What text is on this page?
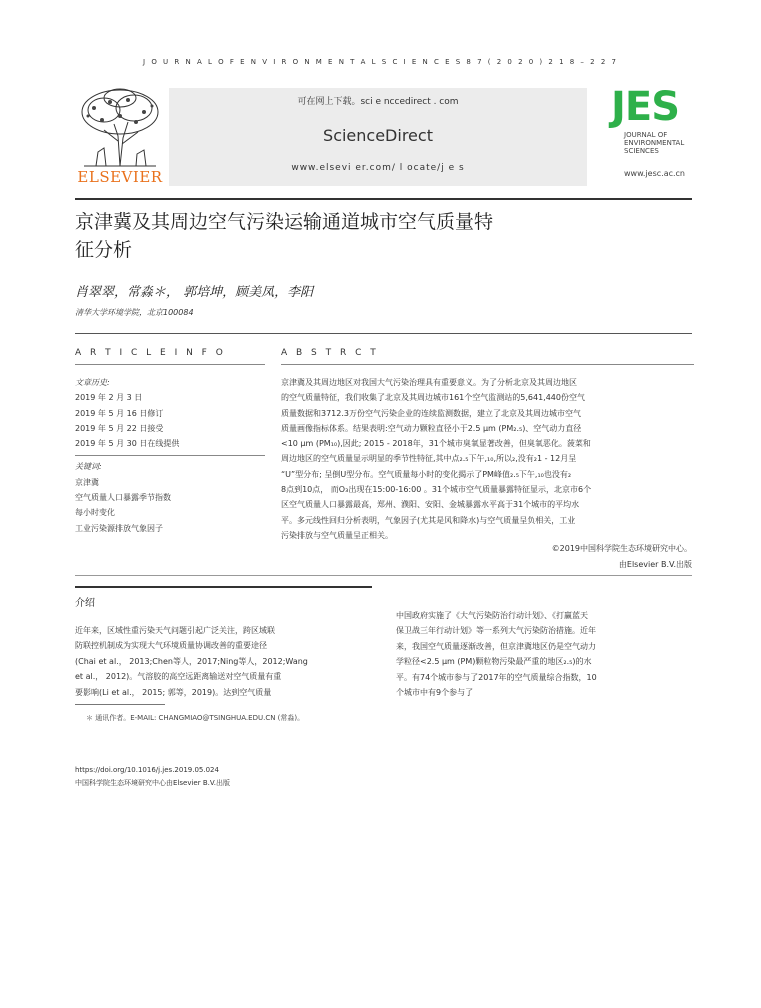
J O U R N A L O F E N V I R O N M E N T A L S C I E N C E S 8 7 ( 2 0 2 0 ) 2 1 8 – 2 2 7
ELSEVIER
可在网上下载。sci e nccedirect . com
ScienceDirect
www.elsevi er.com/ l ocate/j e s
JES
JOURNAL OF
ENVIRONMENTAL
SCIENCES
www.jesc.ac.cn
京津冀及其周边空气污染运输通道城市空气质量特
征分析
肖翠翠，常淼＊， 郭培坤，顾美凤，李阳
清华大学环境学院，北京100084
A R T I C L E I N F O
文章历史:
2019 年 2 月 3 日
2019 年 5 月 16 日修订
2019 年 5 月 22 日接受
2019 年 5 月 30 日在线提供
关键词:
京津冀
空气质量人口暴露季节指数
每小时变化
工业污染源排放气象因子
A B S T R C T
京津冀及其周边地区对我国大气污染治理具有重要意义。为了分析北京及其周边地区
的空气质量特征，我们收集了北京及其周边城市161个空气监测站的5,641,440份空气
质量数据和3712.3万份空气污染企业的连续监测数据，建立了北京及其周边城市空气
质量画像指标体系。结果表明:空气动力颗粒直径小于2.5 μm (PM₂.₅)、空气动力直径
<10 μm (PM₁₀),因此; 2015 - 2018年，31个城市臭氧显著改善，但臭氧恶化。菠菜和
周边地区的空气质量显示明显的季节性特征,其中点₂.₅下午,₁₀,所以₂,没有₂1 - 12月呈
“U”型分布; 呈倒U型分布。空气质量每小时的变化揭示了PM峰值₂.₅下午,₁₀也没有₂
8点到10点， 而O₃出现在15:00-16:00 。31个城市空气质量暴露特征显示，北京市6个
区空气质量人口暴露最高，郑州、濮阳、安阳、金城暴露水平高于31个城市的平均水
平。多元线性回归分析表明，气象因子(尤其是风和降水)与空气质量呈负相关，工业
污染排放与空气质量呈正相关。
©2019中国科学院生态环境研究中心。
由Elsevier B.V.出版
介绍
近年来，区域性重污染天气问题引起广泛关注，跨区域联
防联控机制成为实现大气环境质量协调改善的重要途径
(Chai et al.， 2013;Chen等人，2017;Ning等人，2012;Wang
et al.， 2012)。气溶胶的高空远距离输送对空气质量有重
要影响(Li et al.， 2015; 郭等，2019)。达到空气质量
中国政府实施了《大气污染防治行动计划》、《打赢蓝天
保卫战三年行动计划》等一系列大气污染防治措施。近年
来，我国空气质量逐渐改善，但京津冀地区仍是空气动力
学粒径<2.5 μm (PM)颗粒物污染最严重的地区₂.₅)的水
平。有74个城市参与了2017年的空气质量综合指数，10
个城市中有9个参与了
＊ 通讯作者。E-MAIL: CHANGMIAO@TSINGHUA.EDU.CN (常淼)。
https://doi.org/10.1016/j.jes.2019.05.024
中国科学院生态环境研究中心由Elsevier B.V.出版
